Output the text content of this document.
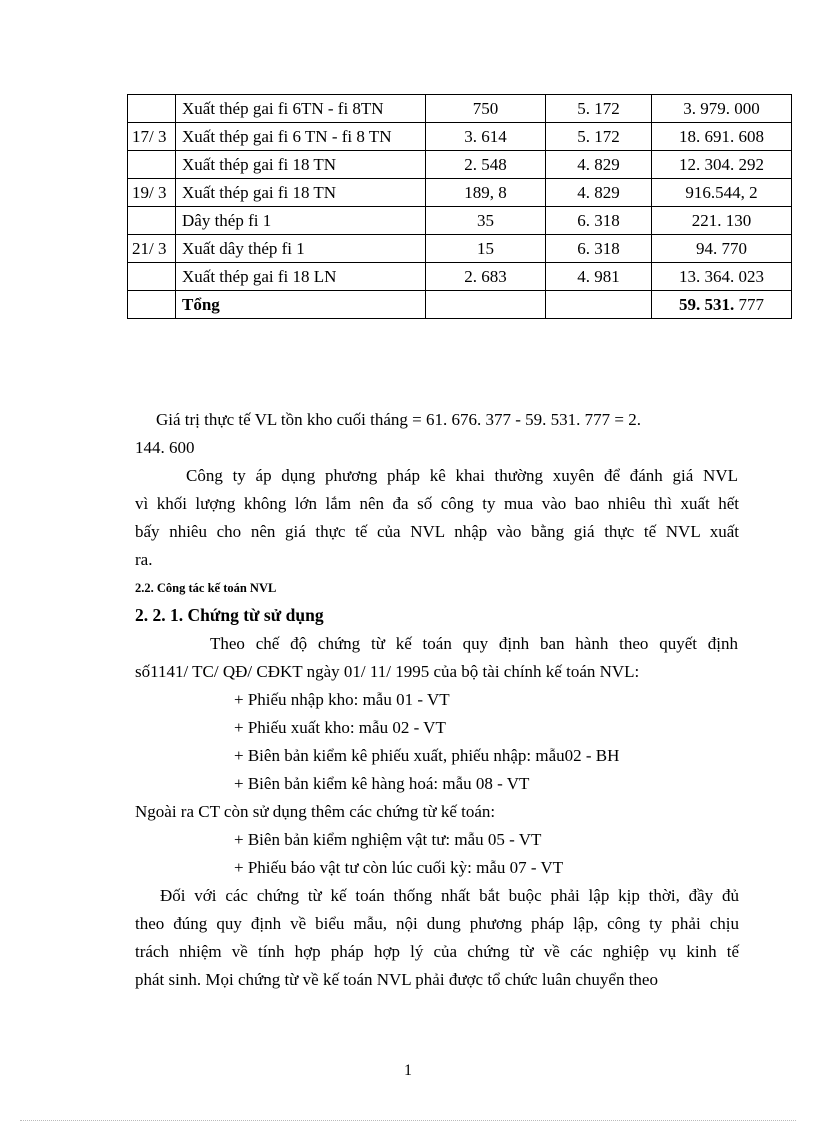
	Xuất thép gai fi 6TN - fi 8TN	750	5. 172	3. 979. 000
17/ 3	Xuất thép gai fi 6 TN - fi 8 TN	3. 614	5. 172	18. 691. 608
	Xuất thép gai fi 18 TN	2. 548	4. 829	12. 304. 292
19/ 3	Xuất thép gai fi 18 TN	189, 8	4. 829	916.544, 2
	Dây thép fi 1	35	6. 318	221. 130
21/ 3	Xuất dây thép fi 1	15	6. 318	94. 770
	Xuất thép gai fi 18 LN	2. 683	4. 981	13. 364. 023
	Tổng			59. 531. 777
Giá trị thực tế VL tồn kho cuối tháng = 61. 676. 377 - 59. 531. 777 = 2.
144. 600
Công ty áp dụng phương pháp kê khai thường xuyên để đánh giá NVL
vì khối lượng không lớn lắm nên đa số công ty mua vào bao nhiêu thì xuất hết
bấy nhiêu cho nên giá thực tế của NVL nhập vào bằng giá thực tế NVL xuất
ra.
2.2. Công tác kế toán NVL
2. 2. 1. Chứng từ sử dụng
Theo chế độ chứng từ kế toán quy định ban hành theo quyết định
số1141/ TC/ QĐ/ CĐKT ngày 01/ 11/ 1995 của bộ tài chính kế toán NVL:
+ Phiếu nhập kho: mẫu 01 - VT
+ Phiếu xuất kho: mẫu 02 - VT
+ Biên bản kiểm kê phiếu xuất, phiếu nhập: mẫu02 - BH
+ Biên bản kiểm kê hàng hoá: mẫu 08 - VT
Ngoài ra CT còn sử dụng thêm các chứng từ kế toán:
+ Biên bản kiểm nghiệm vật tư: mẫu 05 - VT
+ Phiếu báo vật tư còn lúc cuối kỳ: mẫu 07 - VT
Đối với các chứng từ kế toán thống nhất bắt buộc phải lập kịp thời, đầy đủ
theo đúng quy định về biểu mẫu, nội dung phương pháp lập, công ty phải chịu
trách nhiệm về tính hợp pháp hợp lý của chứng từ về các nghiệp vụ kinh tế
phát sinh. Mọi chứng từ về kế toán NVL phải được tổ chức luân chuyển theo
1
